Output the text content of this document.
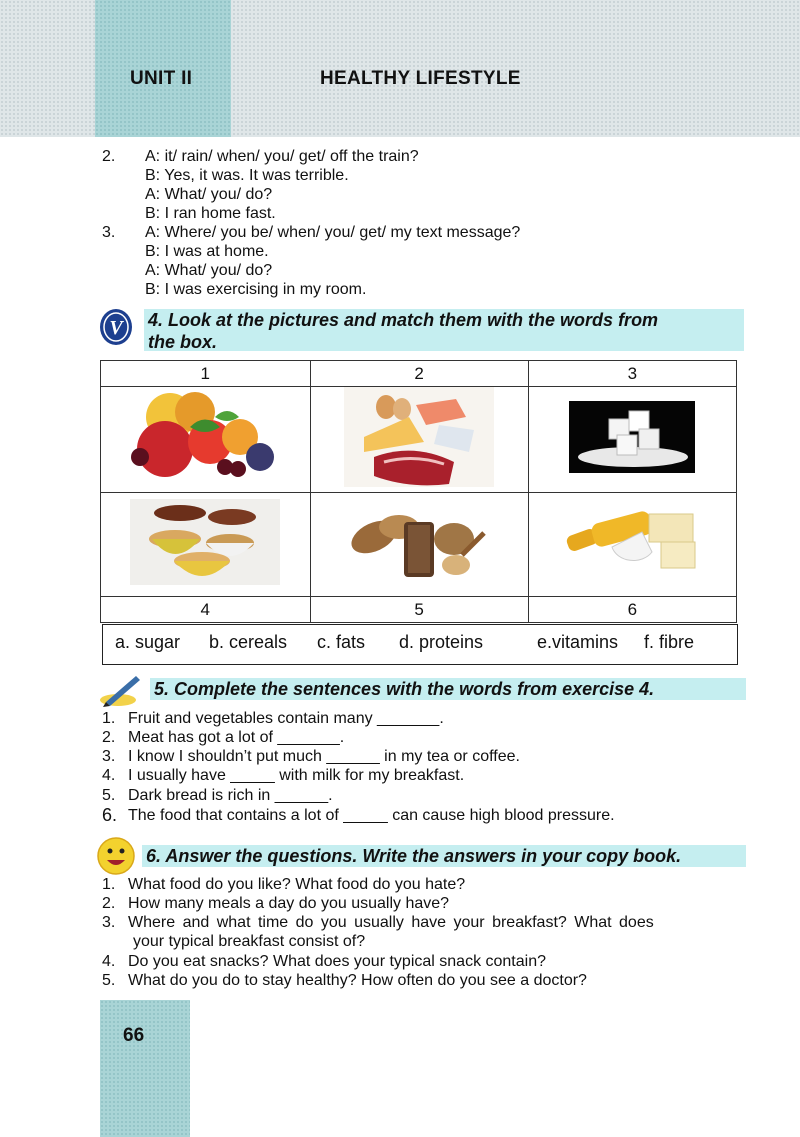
UNIT II	HEALTHY LIFESTYLE
2. A: it/ rain/ when/ you/ get/ off the train?
B: Yes, it was. It was terrible.
A: What/ you/ do?
B: I ran home fast.
3. A: Where/ you be/ when/ you/ get/ my text message?
B: I was at home.
A: What/ you/ do?
B: I was exercising in my room.
V 4. Look at the pictures and match them with the words from
the box.
1	2	3

4	5	6
a. sugar b. cereals c. fats d. proteins	e.vitamins f. fibre
5. Complete the sentences with the words from exercise 4.
1. Fruit and vegetables contain many _______.
2. Meat has got a lot of _______.
3. I know I shouldn’t put much ______ in my tea or coffee.
4. I usually have _____ with milk for my breakfast.
5. Dark bread is rich in ______.
6. The food that contains a lot of _____ can cause high blood pressure.
6. Answer the questions. Write the answers in your copy book.
1. What food do you like? What food do you hate?
2. How many meals a day do you usually have?
3. Where and what time do you usually have your breakfast? What does
your typical breakfast consist of?
4. Do you eat snacks? What does your typical snack contain?
5. What do you do to stay healthy? How often do you see a doctor?
66
